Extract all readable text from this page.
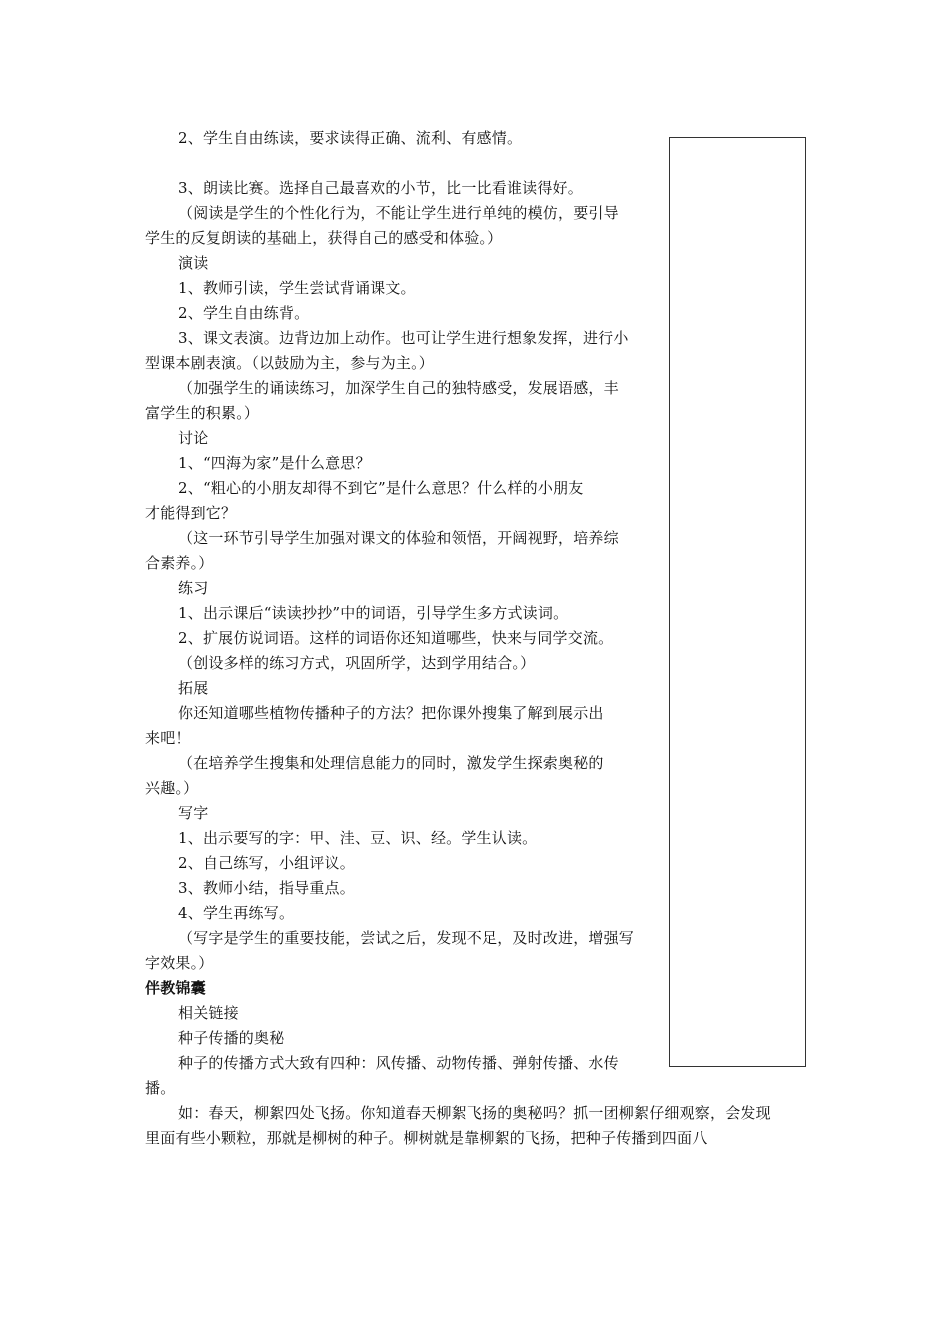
2、学生自由练读，要求读得正确、流利、有感情。
3、朗读比赛。选择自己最喜欢的小节，比一比看谁读得好。
（阅读是学生的个性化行为，不能让学生进行单纯的模仿，要引导
学生的反复朗读的基础上，获得自己的感受和体验。）
演读
1、教师引读，学生尝试背诵课文。
2、学生自由练背。
3、课文表演。边背边加上动作。也可让学生进行想象发挥，进行小
型课本剧表演。（以鼓励为主，参与为主。）
（加强学生的诵读练习，加深学生自己的独特感受，发展语感，丰
富学生的积累。）
讨论
1、“四海为家”是什么意思？
2、“粗心的小朋友却得不到它”是什么意思？什么样的小朋友
才能得到它？
（这一环节引导学生加强对课文的体验和领悟，开阔视野，培养综
合素养。）
练习
1、出示课后“读读抄抄”中的词语，引导学生多方式读词。
2、扩展仿说词语。这样的词语你还知道哪些，快来与同学交流。
（创设多样的练习方式，巩固所学，达到学用结合。）
拓展
你还知道哪些植物传播种子的方法？把你课外搜集了解到展示出
来吧！
（在培养学生搜集和处理信息能力的同时，激发学生探索奥秘的
兴趣。）
写字
1、出示要写的字：甲、洼、豆、识、经。学生认读。
2、自己练写，小组评议。
3、教师小结，指导重点。
4、学生再练写。
（写字是学生的重要技能，尝试之后，发现不足，及时改进，增强写
字效果。）
伴教锦囊
相关链接
种子传播的奥秘
种子的传播方式大致有四种：风传播、动物传播、弹射传播、水传
播。
如：春天，柳絮四处飞扬。你知道春天柳絮飞扬的奥秘吗？抓一团柳絮仔细观察，会发现
里面有些小颗粒，那就是柳树的种子。柳树就是靠柳絮的飞扬，把种子传播到四面八
